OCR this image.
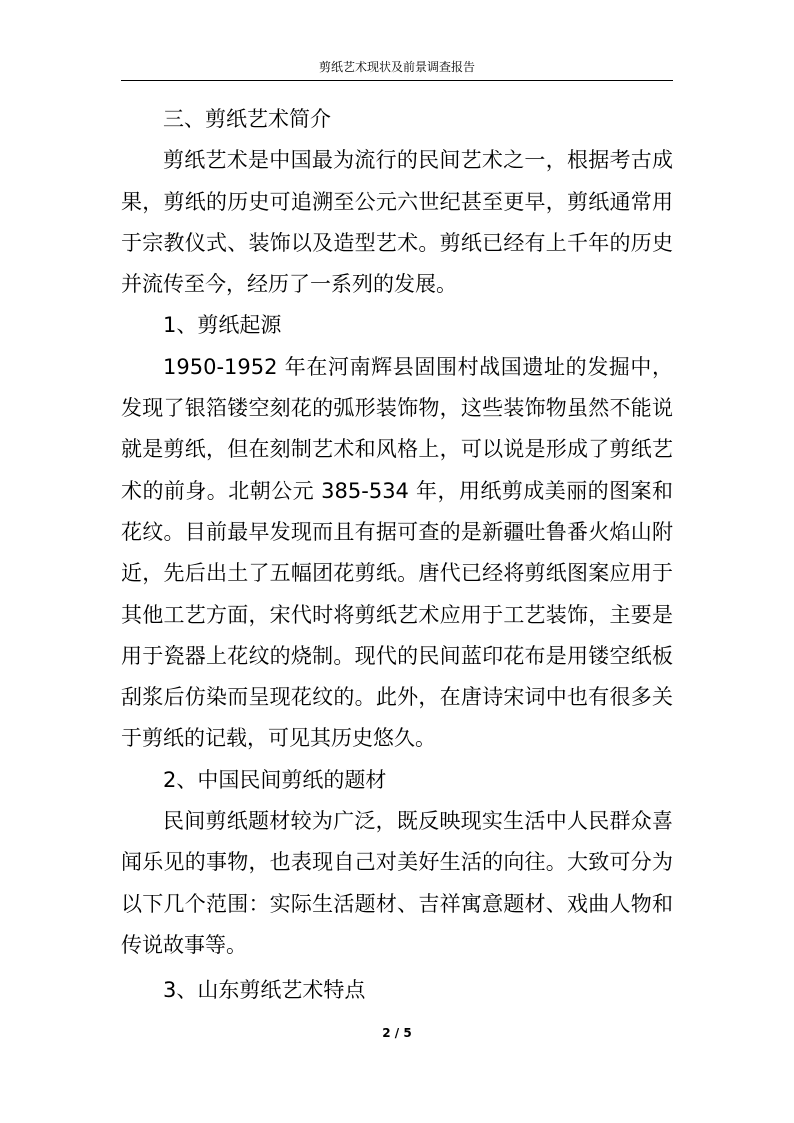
剪纸艺术现状及前景调查报告

三、剪纸艺术简介

剪纸艺术是中国最为流行的民间艺术之一，根据考古成果，剪纸的历史可追溯至公元六世纪甚至更早，剪纸通常用于宗教仪式、装饰以及造型艺术。剪纸已经有上千年的历史并流传至今，经历了一系列的发展。

1、剪纸起源

1950-1952 年在河南辉县固围村战国遗址的发掘中，发现了银箔镂空刻花的弧形装饰物，这些装饰物虽然不能说就是剪纸，但在刻制艺术和风格上，可以说是形成了剪纸艺术的前身。北朝公元 385-534 年，用纸剪成美丽的图案和花纹。目前最早发现而且有据可查的是新疆吐鲁番火焰山附近，先后出土了五幅团花剪纸。唐代已经将剪纸图案应用于其他工艺方面，宋代时将剪纸艺术应用于工艺装饰，主要是用于瓷器上花纹的烧制。现代的民间蓝印花布是用镂空纸板刮浆后仿染而呈现花纹的。此外，在唐诗宋词中也有很多关于剪纸的记载，可见其历史悠久。

2、中国民间剪纸的题材

民间剪纸题材较为广泛，既反映现实生活中人民群众喜闻乐见的事物，也表现自己对美好生活的向往。大致可分为以下几个范围：实际生活题材、吉祥寓意题材、戏曲人物和传说故事等。

3、山东剪纸艺术特点

2 / 5
